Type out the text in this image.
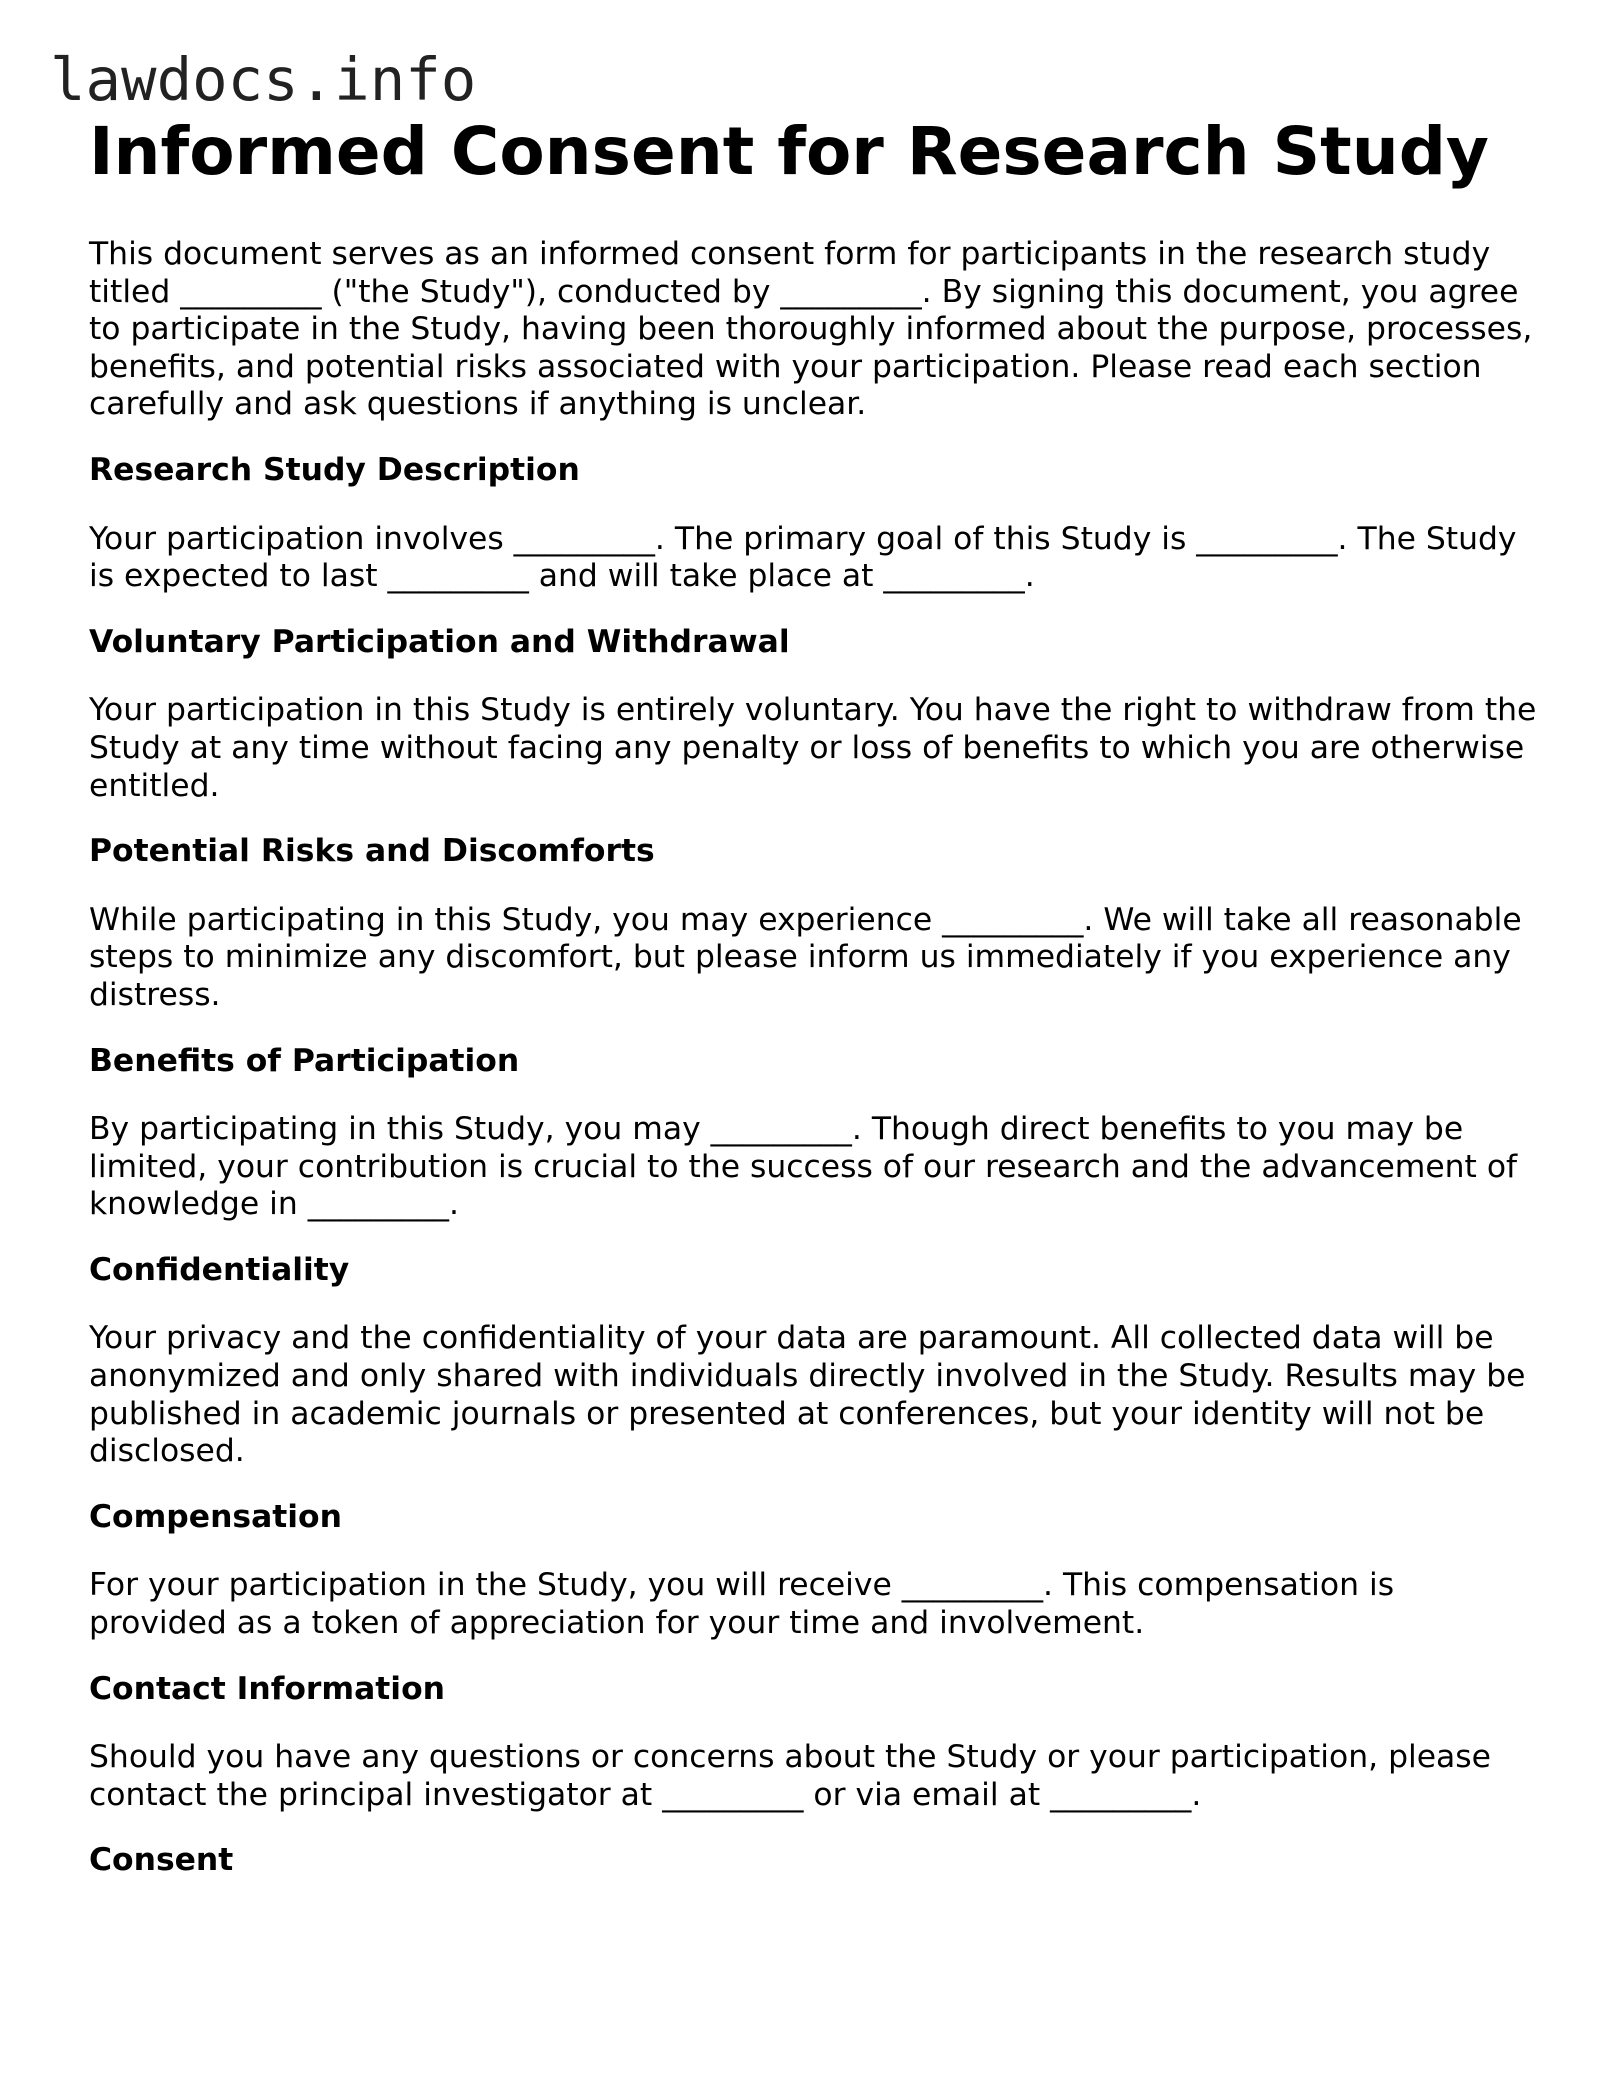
lawdocs.info
Informed Consent for Research Study

This document serves as an informed consent form for participants in the research study titled _________ ("the Study"), conducted by _________. By signing this document, you agree to participate in the Study, having been thoroughly informed about the purpose, processes, benefits, and potential risks associated with your participation. Please read each section carefully and ask questions if anything is unclear.

Research Study Description

Your participation involves _________. The primary goal of this Study is _________. The Study is expected to last _________ and will take place at _________.

Voluntary Participation and Withdrawal

Your participation in this Study is entirely voluntary. You have the right to withdraw from the Study at any time without facing any penalty or loss of benefits to which you are otherwise entitled.

Potential Risks and Discomforts

While participating in this Study, you may experience _________. We will take all reasonable steps to minimize any discomfort, but please inform us immediately if you experience any distress.

Benefits of Participation

By participating in this Study, you may _________. Though direct benefits to you may be limited, your contribution is crucial to the success of our research and the advancement of knowledge in _________.

Confidentiality

Your privacy and the confidentiality of your data are paramount. All collected data will be anonymized and only shared with individuals directly involved in the Study. Results may be published in academic journals or presented at conferences, but your identity will not be disclosed.

Compensation

For your participation in the Study, you will receive _________. This compensation is provided as a token of appreciation for your time and involvement.

Contact Information

Should you have any questions or concerns about the Study or your participation, please contact the principal investigator at _________ or via email at _________.

Consent
